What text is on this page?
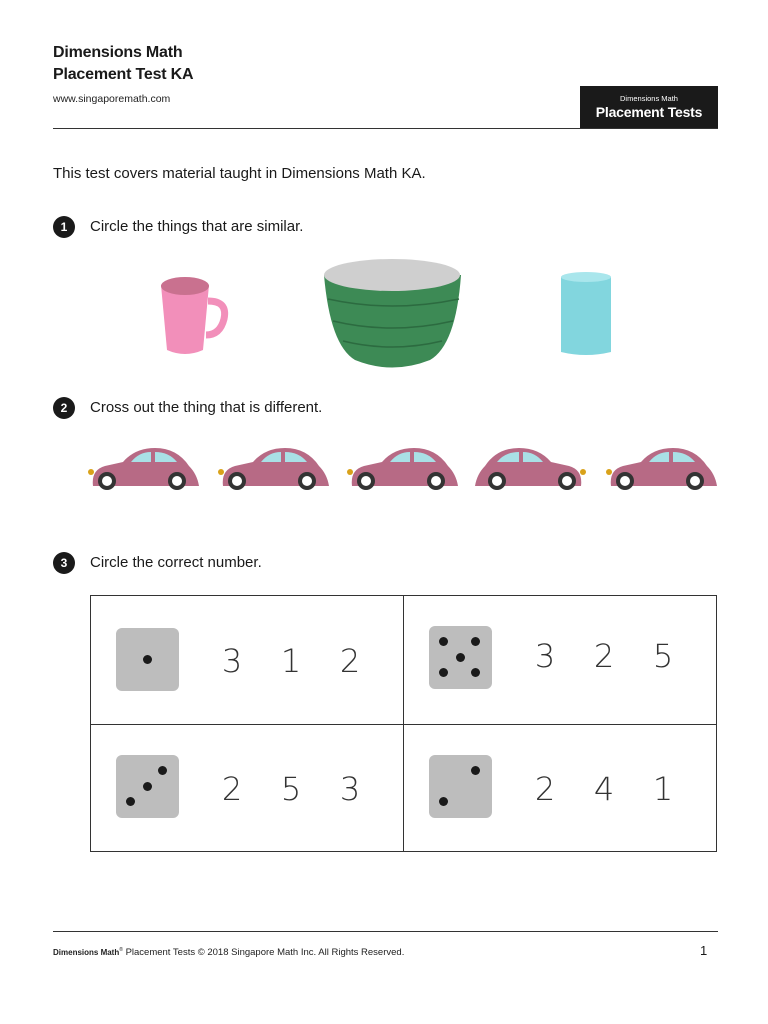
Dimensions Math
Placement Test KA
www.singaporemath.com	Dimensions Math
Placement Tests
This test covers material taught in Dimensions Math KA.
1	Circle the things that are similar.
2	Cross out the thing that is different.
3	Circle the correct number.
3 1 2	3 2 5
2 5 3	2 4 1
Dimensions Math® Placement Tests © 2018 Singapore Math Inc. All Rights Reserved.	1
